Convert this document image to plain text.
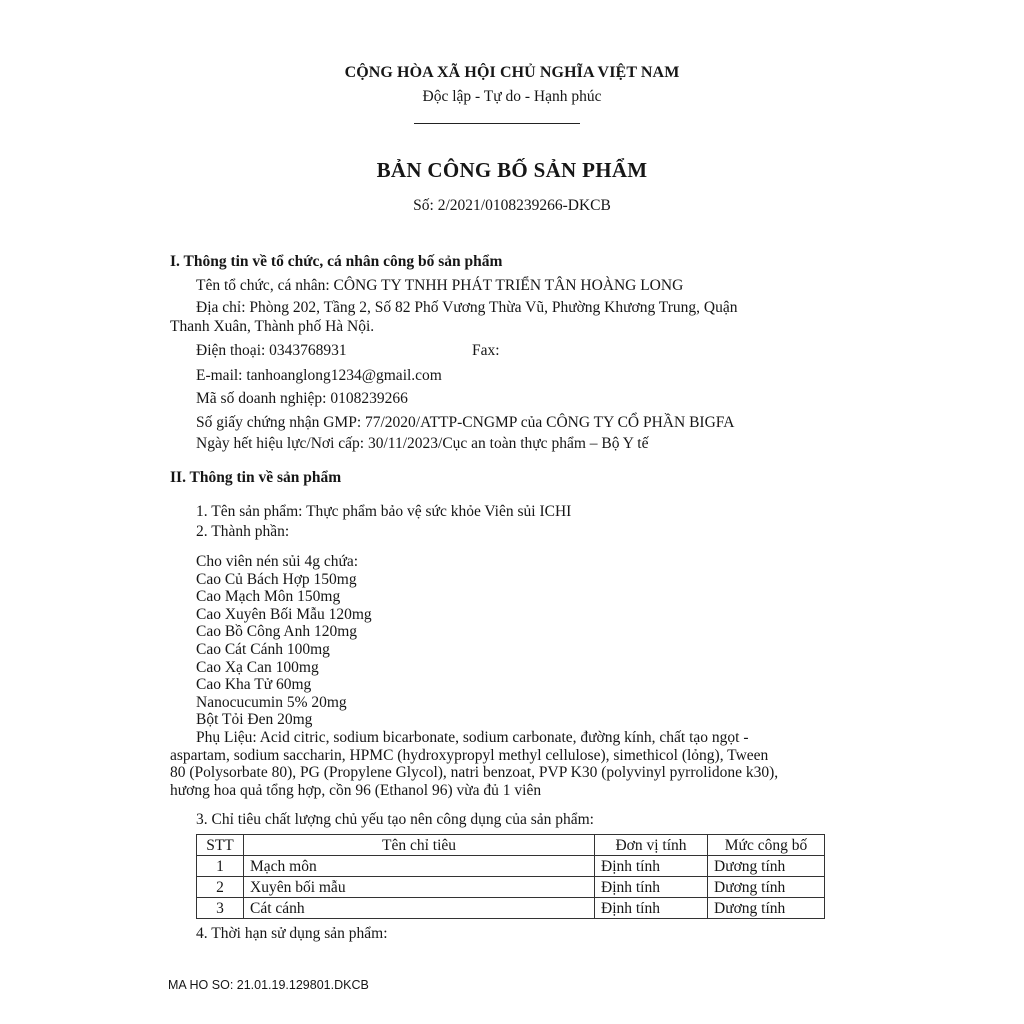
CỘNG HÒA XÃ HỘI CHỦ NGHĨA VIỆT NAM
Độc lập - Tự do - Hạnh phúc
BẢN CÔNG BỐ SẢN PHẨM
Số: 2/2021/0108239266-DKCB
I. Thông tin về tổ chức, cá nhân công bố sản phẩm
Tên tổ chức, cá nhân: CÔNG TY TNHH PHÁT TRIỂN TÂN HOÀNG LONG
Địa chỉ: Phòng 202, Tầng 2, Số 82 Phố Vương Thừa Vũ, Phường Khương Trung, Quận
Thanh Xuân, Thành phố Hà Nội.
Điện thoại: 0343768931	Fax:
E-mail: tanhoanglong1234@gmail.com
Mã số doanh nghiệp: 0108239266
Số giấy chứng nhận GMP: 77/2020/ATTP-CNGMP của CÔNG TY CỔ PHẦN BIGFA
Ngày hết hiệu lực/Nơi cấp: 30/11/2023/Cục an toàn thực phẩm – Bộ Y tế
II. Thông tin về sản phẩm
1. Tên sản phẩm: Thực phẩm bảo vệ sức khỏe Viên sủi ICHI
2. Thành phần:
Cho viên nén sủi 4g chứa:
Cao Củ Bách Hợp 150mg
Cao Mạch Môn 150mg
Cao Xuyên Bối Mẫu 120mg
Cao Bồ Công Anh 120mg
Cao Cát Cánh 100mg
Cao Xạ Can 100mg
Cao Kha Tử 60mg
Nanocucumin 5% 20mg
Bột Tỏi Đen 20mg
Phụ Liệu: Acid citric, sodium bicarbonate, sodium carbonate, đường kính, chất tạo ngọt -
aspartam, sodium saccharin, HPMC (hydroxypropyl methyl cellulose), simethicol (lỏng), Tween
80 (Polysorbate 80), PG (Propylene Glycol), natri benzoat, PVP K30 (polyvinyl pyrrolidone k30),
hương hoa quả tổng hợp, cồn 96 (Ethanol 96) vừa đủ 1 viên
3. Chỉ tiêu chất lượng chủ yếu tạo nên công dụng của sản phẩm:
STT	Tên chỉ tiêu	Đơn vị tính	Mức công bố
1	Mạch môn	Định tính	Dương tính
2	Xuyên bối mẫu	Định tính	Dương tính
3	Cát cánh	Định tính	Dương tính
4. Thời hạn sử dụng sản phẩm:
MA HO SO: 21.01.19.129801.DKCB
